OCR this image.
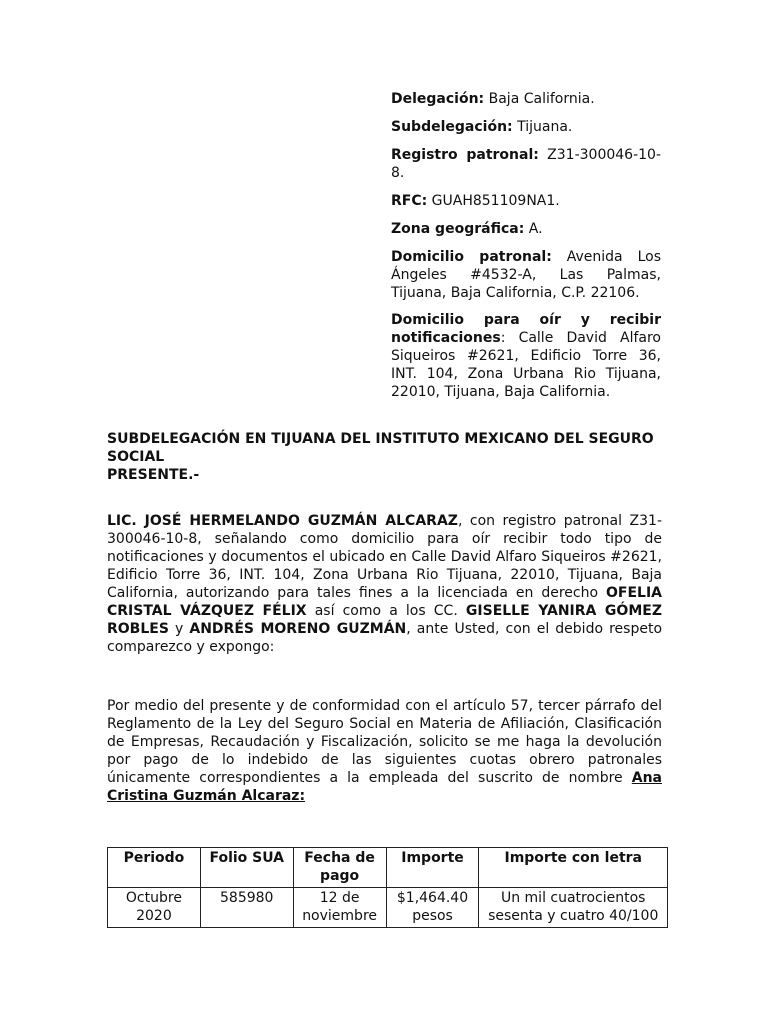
Delegación: Baja California.

Subdelegación: Tijuana.

Registro patronal: Z31-300046-10-8.

RFC: GUAH851109NA1.

Zona geográfica: A.

Domicilio patronal: Avenida Los Ángeles #4532-A, Las Palmas, Tijuana, Baja California, C.P. 22106.

Domicilio para oír y recibir notificaciones: Calle David Alfaro Siqueiros #2621, Edificio Torre 36, INT. 104, Zona Urbana Rio Tijuana, 22010, Tijuana, Baja California.

SUBDELEGACIÓN EN TIJUANA DEL INSTITUTO MEXICANO DEL SEGURO SOCIAL
PRESENTE.-

LIC. JOSÉ HERMELANDO GUZMÁN ALCARAZ, con registro patronal Z31-300046-10-8, señalando como domicilio para oír recibir todo tipo de notificaciones y documentos el ubicado en Calle David Alfaro Siqueiros #2621, Edificio Torre 36, INT. 104, Zona Urbana Rio Tijuana, 22010, Tijuana, Baja California, autorizando para tales fines a la licenciada en derecho OFELIA CRISTAL VÁZQUEZ FÉLIX así como a los CC. GISELLE YANIRA GÓMEZ ROBLES y ANDRÉS MORENO GUZMÁN, ante Usted, con el debido respeto comparezco y expongo:

Por medio del presente y de conformidad con el artículo 57, tercer párrafo del Reglamento de la Ley del Seguro Social en Materia de Afiliación, Clasificación de Empresas, Recaudación y Fiscalización, solicito se me haga la devolución por pago de lo indebido de las siguientes cuotas obrero patronales únicamente correspondientes a la empleada del suscrito de nombre Ana Cristina Guzmán Alcaraz:

Periodo	Folio SUA	Fecha de pago	Importe	Importe con letra
Octubre 2020	585980	12 de noviembre	$1,464.40 pesos	Un mil cuatrocientos sesenta y cuatro 40/100
